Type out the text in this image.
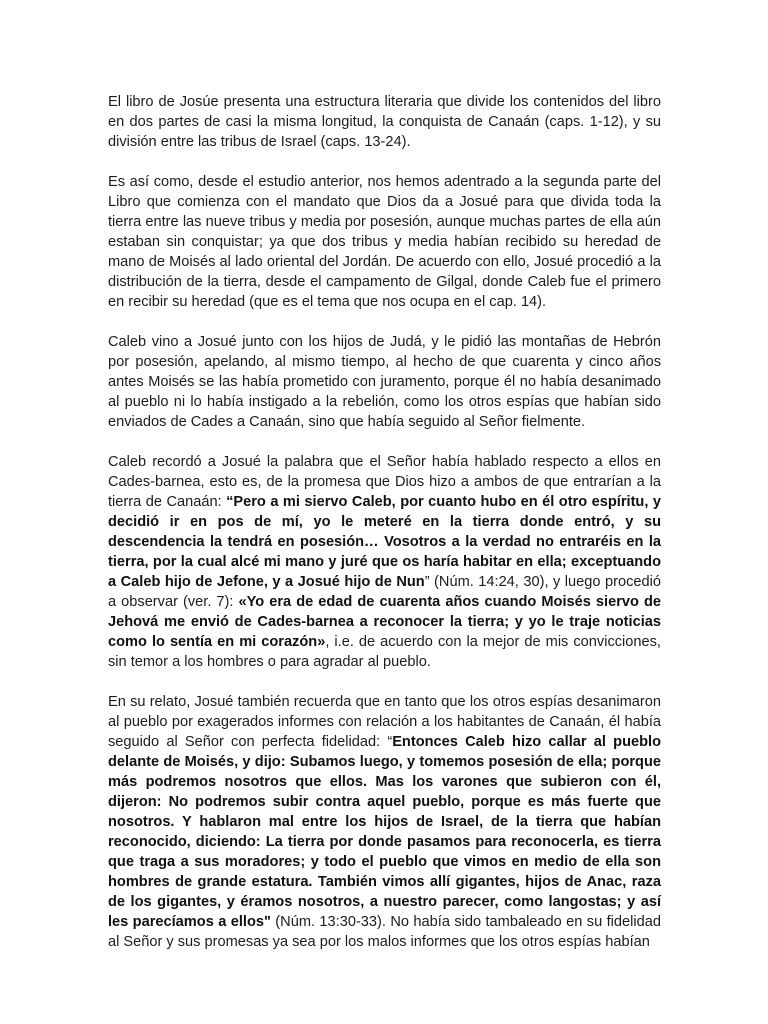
El libro de Josúe presenta una estructura literaria que divide los contenidos del libro en dos partes de casi la misma longitud, la conquista de Canaán (caps. 1-12), y su división entre las tribus de Israel (caps. 13-24).

Es así como, desde el estudio anterior, nos hemos adentrado a la segunda parte del Libro que comienza con el mandato que Dios da a Josué para que divida toda la tierra entre las nueve tribus y media por posesión, aunque muchas partes de ella aún estaban sin conquistar; ya que dos tribus y media habían recibido su heredad de mano de Moisés al lado oriental del Jordán. De acuerdo con ello, Josué procedió a la distribución de la tierra, desde el campamento de Gilgal, donde Caleb fue el primero en recibir su heredad (que es el tema que nos ocupa en el cap. 14).

Caleb vino a Josué junto con los hijos de Judá, y le pidió las montañas de Hebrón por posesión, apelando, al mismo tiempo, al hecho de que cuarenta y cinco años antes Moisés se las había prometido con juramento, porque él no había desanimado al pueblo ni lo había instigado a la rebelión, como los otros espías que habían sido enviados de Cades a Canaán, sino que había seguido al Señor fielmente.

Caleb recordó a Josué la palabra que el Señor había hablado respecto a ellos en Cades-barnea, esto es, de la promesa que Dios hizo a ambos de que entrarían a la tierra de Canaán: “Pero a mi siervo Caleb, por cuanto hubo en él otro espíritu, y decidió ir en pos de mí, yo le meteré en la tierra donde entró, y su descendencia la tendrá en posesión… Vosotros a la verdad no entraréis en la tierra, por la cual alcé mi mano y juré que os haría habitar en ella; exceptuando a Caleb hijo de Jefone, y a Josué hijo de Nun” (Núm. 14:24, 30), y luego procedió a observar (ver. 7): «Yo era de edad de cuarenta años cuando Moisés siervo de Jehová me envió de Cades-barnea a reconocer la tierra; y yo le traje noticias como lo sentía en mi corazón», i.e. de acuerdo con la mejor de mis convicciones, sin temor a los hombres o para agradar al pueblo.

En su relato, Josué también recuerda que en tanto que los otros espías desanimaron al pueblo por exagerados informes con relación a los habitantes de Canaán, él había seguido al Señor con perfecta fidelidad: “Entonces Caleb hizo callar al pueblo delante de Moisés, y dijo: Subamos luego, y tomemos posesión de ella; porque más podremos nosotros que ellos. Mas los varones que subieron con él, dijeron: No podremos subir contra aquel pueblo, porque es más fuerte que nosotros. Y hablaron mal entre los hijos de Israel, de la tierra que habían reconocido, diciendo: La tierra por donde pasamos para reconocerla, es tierra que traga a sus moradores; y todo el pueblo que vimos en medio de ella son hombres de grande estatura. También vimos allí gigantes, hijos de Anac, raza de los gigantes, y éramos nosotros, a nuestro parecer, como langostas; y así les parecíamos a ellos" (Núm. 13:30-33). No había sido tambaleado en su fidelidad al Señor y sus promesas ya sea por los malos informes que los otros espías habían
